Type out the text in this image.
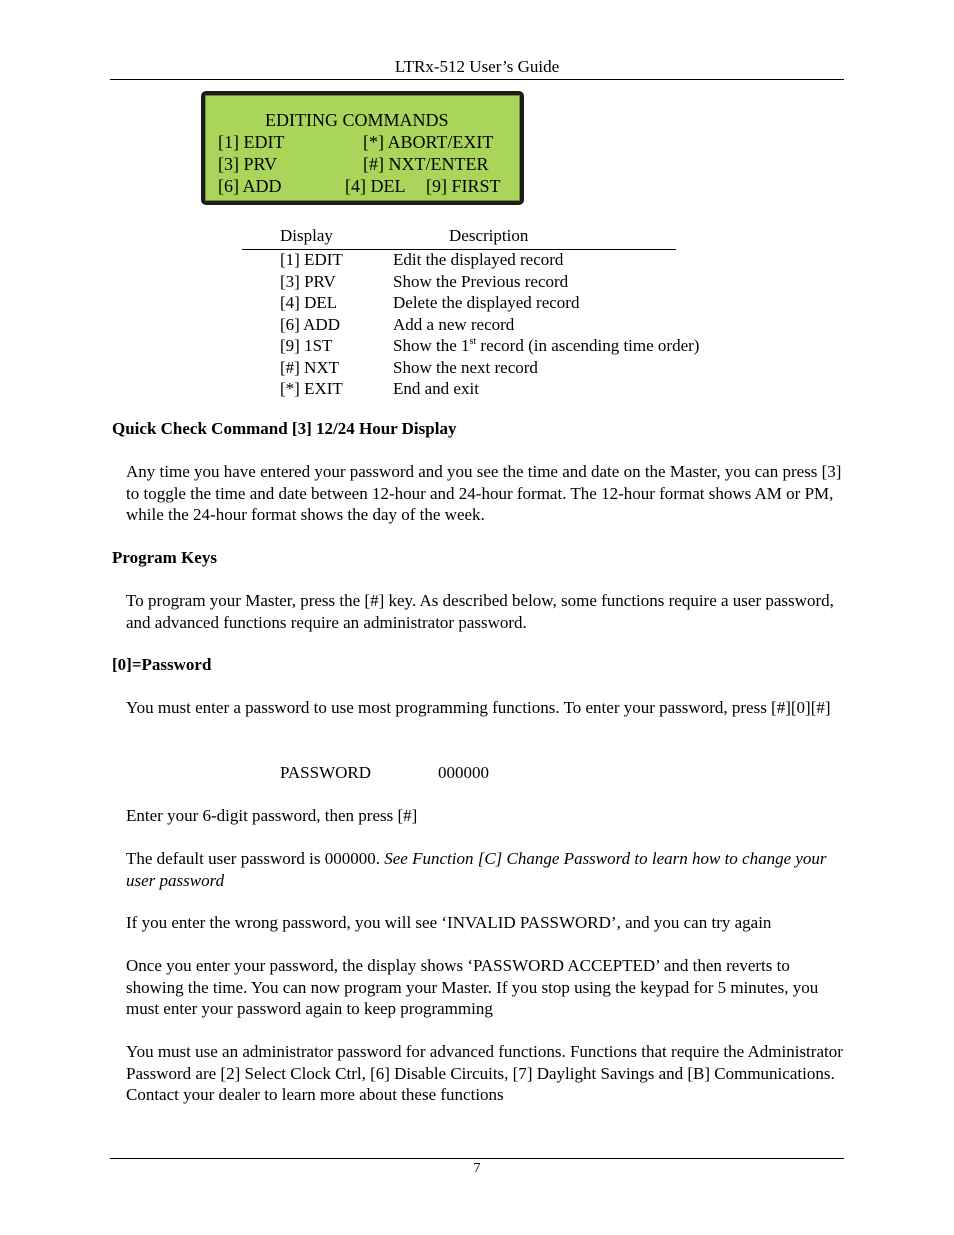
LTRx-512 User’s Guide
EDITING COMMANDS
[1] EDIT	[*] ABORT/EXIT
[3] PRV	[#] NXT/ENTER
[6] ADD	[4] DEL [9] FIRST
Display	Description
[1] EDIT	Edit the displayed record
[3] PRV	Show the Previous record
[4] DEL	Delete the displayed record
[6] ADD	Add a new record
[9] 1ST	Show the 1st record (in ascending time order)
[#] NXT	Show the next record
[*] EXIT	End and exit
Quick Check Command [3] 12/24 Hour Display

Any time you have entered your password and you see the time and date on the Master, you can press [3] to toggle the time and date between 12-hour and 24-hour format. The 12-hour format shows AM or PM, while the 24-hour format shows the day of the week.

Program Keys

To program your Master, press the [#] key. As described below, some functions require a user password, and advanced functions require an administrator password.

[0]=Password

You must enter a password to use most programming functions. To enter your password, press [#][0][#]

PASSWORD	000000

Enter your 6-digit password, then press [#]

The default user password is 000000. See Function [C] Change Password to learn how to change your user password

If you enter the wrong password, you will see ‘INVALID PASSWORD’, and you can try again

Once you enter your password, the display shows ‘PASSWORD ACCEPTED’ and then reverts to showing the time. You can now program your Master. If you stop using the keypad for 5 minutes, you must enter your password again to keep programming

You must use an administrator password for advanced functions. Functions that require the Administrator Password are [2] Select Clock Ctrl, [6] Disable Circuits, [7] Daylight Savings and [B] Communications. Contact your dealer to learn more about these functions

7
